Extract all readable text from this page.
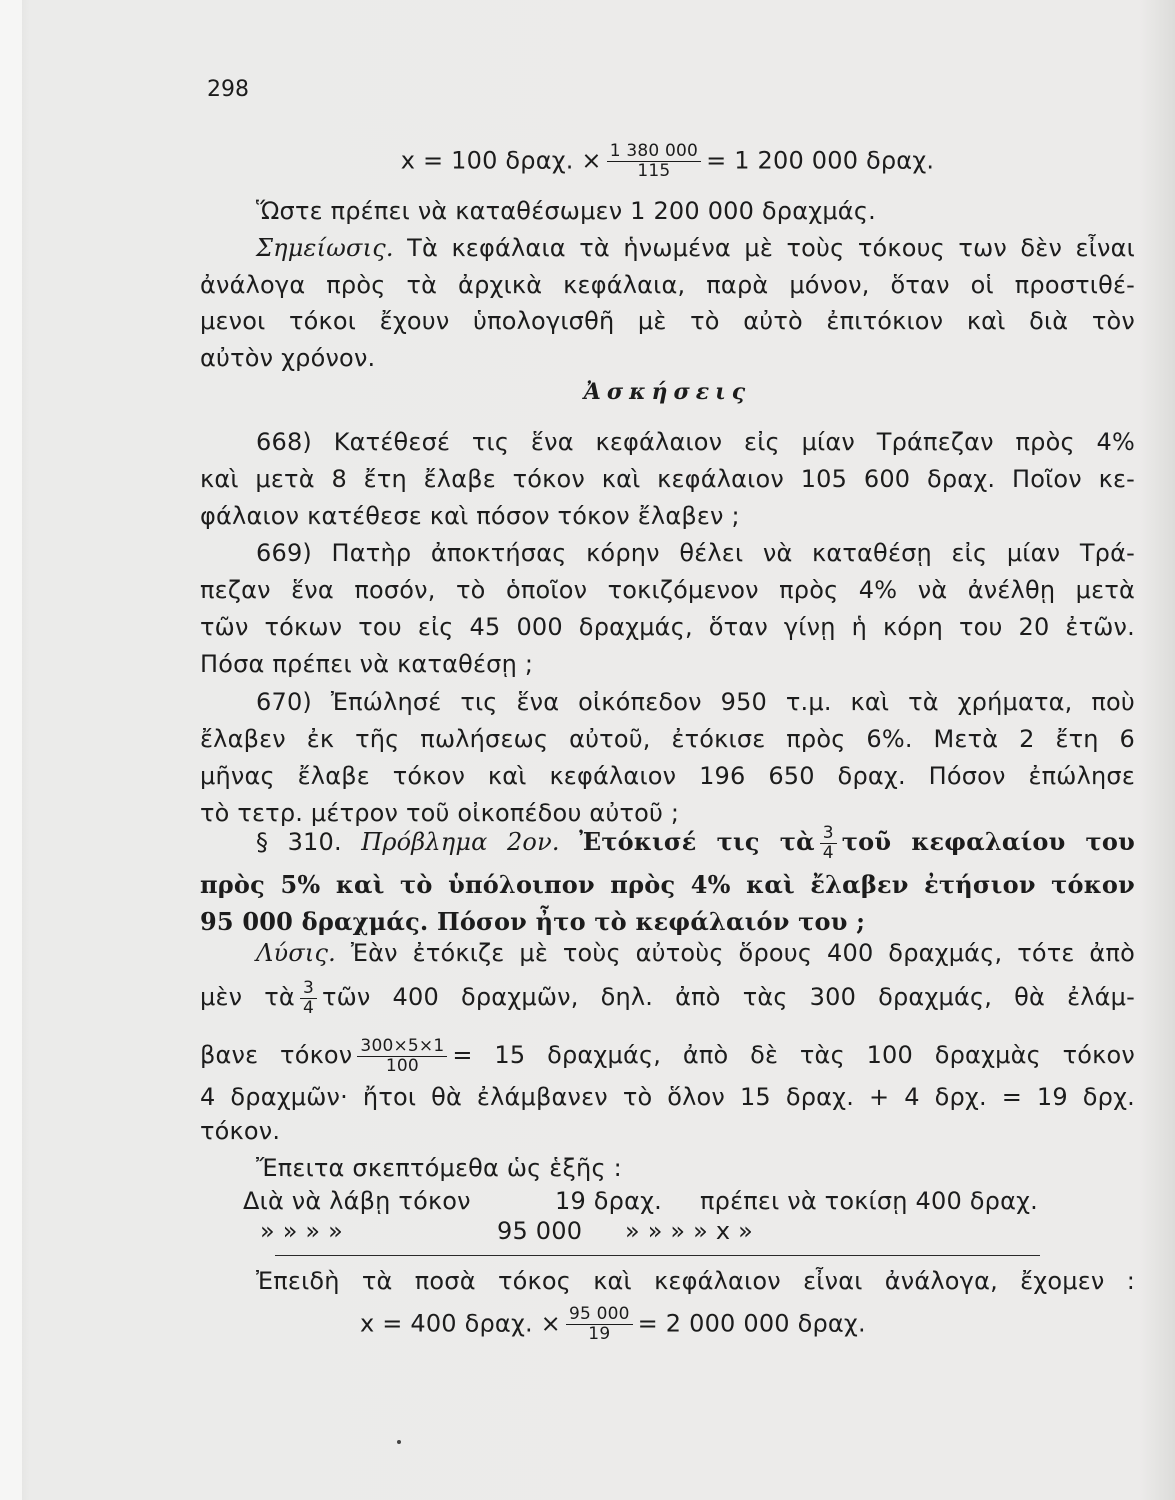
298
x = 100 δραχ. × $\frac{1 380 000}{115} = 1$ 200 000 δραχ.
Ὥστε πρέπει νὰ καταθέσωμεν 1 200 000 δραχμάς.
Σημείωσις. Τὰ κεφάλαια τὰ ἡνωμένα μὲ τοὺς τόκους των δὲν εἶναι
ἀνάλογα πρὸς τὰ ἀρχικὰ κεφάλαια, παρὰ μόνον, ὅταν οἱ προστιθέ-
μενοι τόκοι ἔχουν ὑπολογισθῆ μὲ τὸ αὐτὸ ἐπιτόκιον καὶ διὰ τὸν
αὐτὸν χρόνον.
Ἀσκήσεις
668) Κατέθεσέ τις ἕνα κεφάλαιον εἰς μίαν Τράπεζαν πρὸς 4%
καὶ μετὰ 8 ἔτη ἔλαβε τόκον καὶ κεφάλαιον 105 600 δραχ. Ποῖον κε-
φάλαιον κατέθεσε καὶ πόσον τόκον ἔλαβεν ;
669) Πατὴρ ἀποκτήσας κόρην θέλει νὰ καταθέσῃ εἰς μίαν Τρά-
πεζαν ἕνα ποσόν, τὸ ὁποῖον τοκιζόμενον πρὸς 4% νὰ ἀνέλθῃ μετὰ
τῶν τόκων του εἰς 45 000 δραχμάς, ὅταν γίνῃ ἡ κόρη του 20 ἐτῶν.
Πόσα πρέπει νὰ καταθέσῃ ;
670) Ἐπώλησέ τις ἕνα οἰκόπεδον 950 τ.μ. καὶ τὰ χρήματα, ποὺ
ἔλαβεν ἐκ τῆς πωλήσεως αὐτοῦ, ἐτόκισε πρὸς 6%. Μετὰ 2 ἔτη 6
μῆνας ἔλαβε τόκον καὶ κεφάλαιον 196 650 δραχ. Πόσον ἐπώλησε
τὸ τετρ. μέτρον τοῦ οἰκοπέδου αὐτοῦ ;
§ 310. Πρόβλημα 2ον. Ἐτόκισέ τις τὰ $\frac{3}{4}$ τοῦ κεφαλαίου του
πρὸς 5% καὶ τὸ ὑπόλοιπον πρὸς 4% καὶ ἔλαβεν ἐτήσιον τόκον
95 000 δραχμάς. Πόσον ἦτο τὸ κεφάλαιόν του ;
Λύσις. Ἐὰν ἐτόκιζε μὲ τοὺς αὐτοὺς ὅρους 400 δραχμάς, τότε ἀπὸ
μὲν τὰ $\frac{3}{4}$ τῶν 400 δραχμῶν, δηλ. ἀπὸ τὰς 300 δραχμάς, θὰ ἐλάμ-
βανε τόκον $\frac{300\times 5\times 1}{100} = 15$ δραχμάς, ἀπὸ δὲ τὰς 100 δραχμὰς τόκον
4 δραχμῶν· ἤτοι θὰ ἐλάμβανεν τὸ ὅλον 15 δραχ. + 4 δρχ. = 19 δρχ.
τόκον.
Ἔπειτα σκεπτόμεθα ὡς ἑξῆς :
Διὰ νὰ λάβῃ τόκον	19 δραχ. πρέπει νὰ τοκίσῃ 400 δραχ.
» » » »	95 000 » » » » x »
Ἐπειδὴ τὰ ποσὰ τόκος καὶ κεφάλαιον εἶναι ἀνάλογα, ἔχομεν :
x = 400 δραχ. × $\frac{95 000}{19} = 2$ 000 000 δραχ.
